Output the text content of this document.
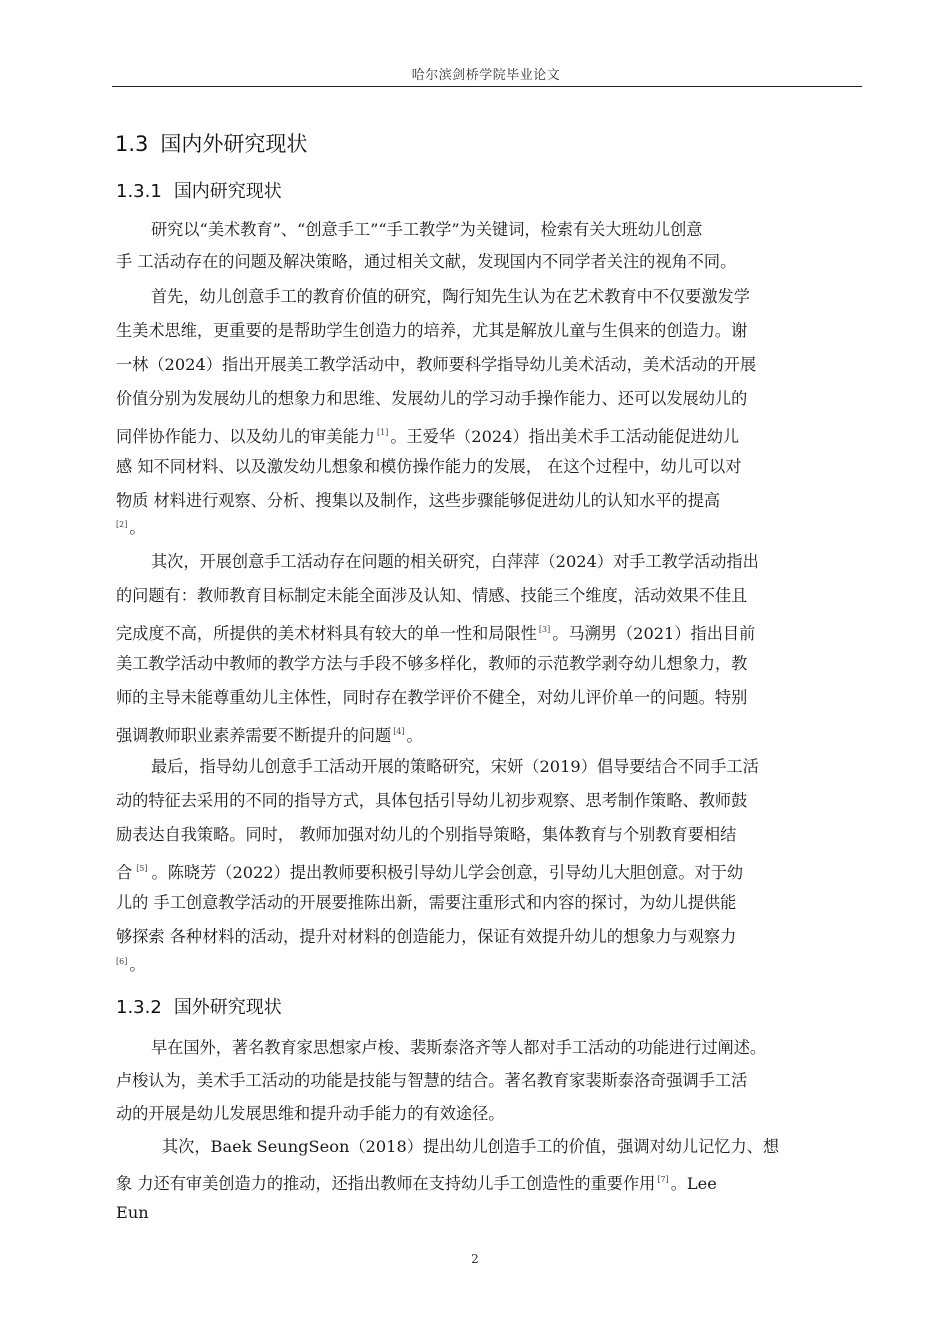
哈尔滨剑桥学院毕业论文
1.3 国内外研究现状
1.3.1 国内研究现状
研究以“美术教育”、“创意手工”“手工教学”为关键词，检索有关大班幼儿创意
手 工活动存在的问题及解决策略，通过相关文献，发现国内不同学者关注的视角不同。
首先，幼儿创意手工的教育价值的研究，陶行知先生认为在艺术教育中不仅要激发学
生美术思维，更重要的是帮助学生创造力的培养，尤其是解放儿童与生俱来的创造力。谢
一林（2024）指出开展美工教学活动中，教师要科学指导幼儿美术活动，美术活动的开展
价值分别为发展幼儿的想象力和思维、发展幼儿的学习动手操作能力、还可以发展幼儿的
同伴协作能力、以及幼儿的审美能力 [1] 。王爱华（2024）指出美术手工活动能促进幼儿
感 知不同材料、以及激发幼儿想象和模仿操作能力的发展， 在这个过程中，幼儿可以对
物质 材料进行观察、分析、搜集以及制作，这些步骤能够促进幼儿的认知水平的提高
[2] 。
其次，开展创意手工活动存在问题的相关研究，白萍萍（2024）对手工教学活动指出
的问题有：教师教育目标制定未能全面涉及认知、情感、技能三个维度，活动效果不佳且
完成度不高，所提供的美术材料具有较大的单一性和局限性 [3] 。马溯男（2021）指出目前
美工教学活动中教师的教学方法与手段不够多样化，教师的示范教学剥夺幼儿想象力，教
师的主导未能尊重幼儿主体性，同时存在教学评价不健全，对幼儿评价单一的问题。特别
强调教师职业素养需要不断提升的问题 [4] 。
最后，指导幼儿创意手工活动开展的策略研究，宋妍（2019）倡导要结合不同手工活
动的特征去采用的不同的指导方式，具体包括引导幼儿初步观察、思考制作策略、教师鼓
励表达自我策略。同时， 教师加强对幼儿的个别指导策略，集体教育与个别教育要相结
合 [5] 。陈晓芳（2022）提出教师要积极引导幼儿学会创意，引导幼儿大胆创意。对于幼
儿的 手工创意教学活动的开展要推陈出新，需要注重形式和内容的探讨，为幼儿提供能
够探索 各种材料的活动，提升对材料的创造能力，保证有效提升幼儿的想象力与观察力
[6] 。
1.3.2 国外研究现状
早在国外，著名教育家思想家卢梭、裴斯泰洛齐等人都对手工活动的功能进行过阐述。
卢梭认为，美术手工活动的功能是技能与智慧的结合。著名教育家裴斯泰洛奇强调手工活
动的开展是幼儿发展思维和提升动手能力的有效途径。
其次，Baek SeungSeon（2018）提出幼儿创造手工的价值，强调对幼儿记忆力、想
象 力还有审美创造力的推动，还指出教师在支持幼儿手工创造性的重要作用 [7] 。Lee
Eun
2
